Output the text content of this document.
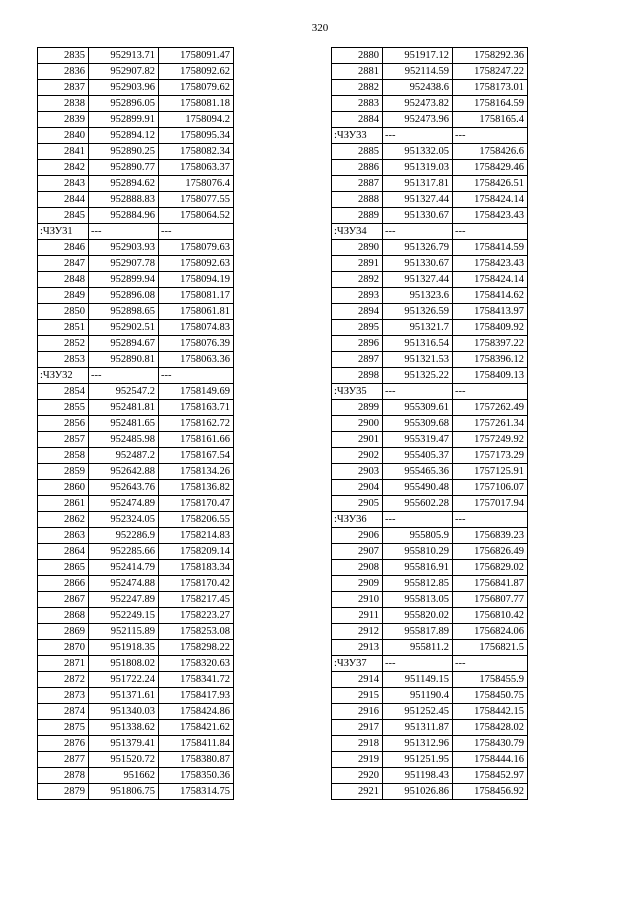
320
2835	952913.71	1758091.47
2836	952907.82	1758092.62
2837	952903.96	1758079.62
2838	952896.05	1758081.18
2839	952899.91	1758094.2
2840	952894.12	1758095.34
2841	952890.25	1758082.34
2842	952890.77	1758063.37
2843	952894.62	1758076.4
2844	952888.83	1758077.55
2845	952884.96	1758064.52
:ЧЗУ31	---	---
2846	952903.93	1758079.63
2847	952907.78	1758092.63
2848	952899.94	1758094.19
2849	952896.08	1758081.17
2850	952898.65	1758061.81
2851	952902.51	1758074.83
2852	952894.67	1758076.39
2853	952890.81	1758063.36
:ЧЗУ32	---	---
2854	952547.2	1758149.69
2855	952481.81	1758163.71
2856	952481.65	1758162.72
2857	952485.98	1758161.66
2858	952487.2	1758167.54
2859	952642.88	1758134.26
2860	952643.76	1758136.82
2861	952474.89	1758170.47
2862	952324.05	1758206.55
2863	952286.9	1758214.83
2864	952285.66	1758209.14
2865	952414.79	1758183.34
2866	952474.88	1758170.42
2867	952247.89	1758217.45
2868	952249.15	1758223.27
2869	952115.89	1758253.08
2870	951918.35	1758298.22
2871	951808.02	1758320.63
2872	951722.24	1758341.72
2873	951371.61	1758417.93
2874	951340.03	1758424.86
2875	951338.62	1758421.62
2876	951379.41	1758411.84
2877	951520.72	1758380.87
2878	951662	1758350.36
2879	951806.75	1758314.75
2880	951917.12	1758292.36
2881	952114.59	1758247.22
2882	952438.6	1758173.01
2883	952473.82	1758164.59
2884	952473.96	1758165.4
:ЧЗУ33	---	---
2885	951332.05	1758426.6
2886	951319.03	1758429.46
2887	951317.81	1758426.51
2888	951327.44	1758424.14
2889	951330.67	1758423.43
:ЧЗУ34	---	---
2890	951326.79	1758414.59
2891	951330.67	1758423.43
2892	951327.44	1758424.14
2893	951323.6	1758414.62
2894	951326.59	1758413.97
2895	951321.7	1758409.92
2896	951316.54	1758397.22
2897	951321.53	1758396.12
2898	951325.22	1758409.13
:ЧЗУ35	---	---
2899	955309.61	1757262.49
2900	955309.68	1757261.34
2901	955319.47	1757249.92
2902	955405.37	1757173.29
2903	955465.36	1757125.91
2904	955490.48	1757106.07
2905	955602.28	1757017.94
:ЧЗУ36	---	---
2906	955805.9	1756839.23
2907	955810.29	1756826.49
2908	955816.91	1756829.02
2909	955812.85	1756841.87
2910	955813.05	1756807.77
2911	955820.02	1756810.42
2912	955817.89	1756824.06
2913	955811.2	1756821.5
:ЧЗУ37	---	---
2914	951149.15	1758455.9
2915	951190.4	1758450.75
2916	951252.45	1758442.15
2917	951311.87	1758428.02
2918	951312.96	1758430.79
2919	951251.95	1758444.16
2920	951198.43	1758452.97
2921	951026.86	1758456.92
